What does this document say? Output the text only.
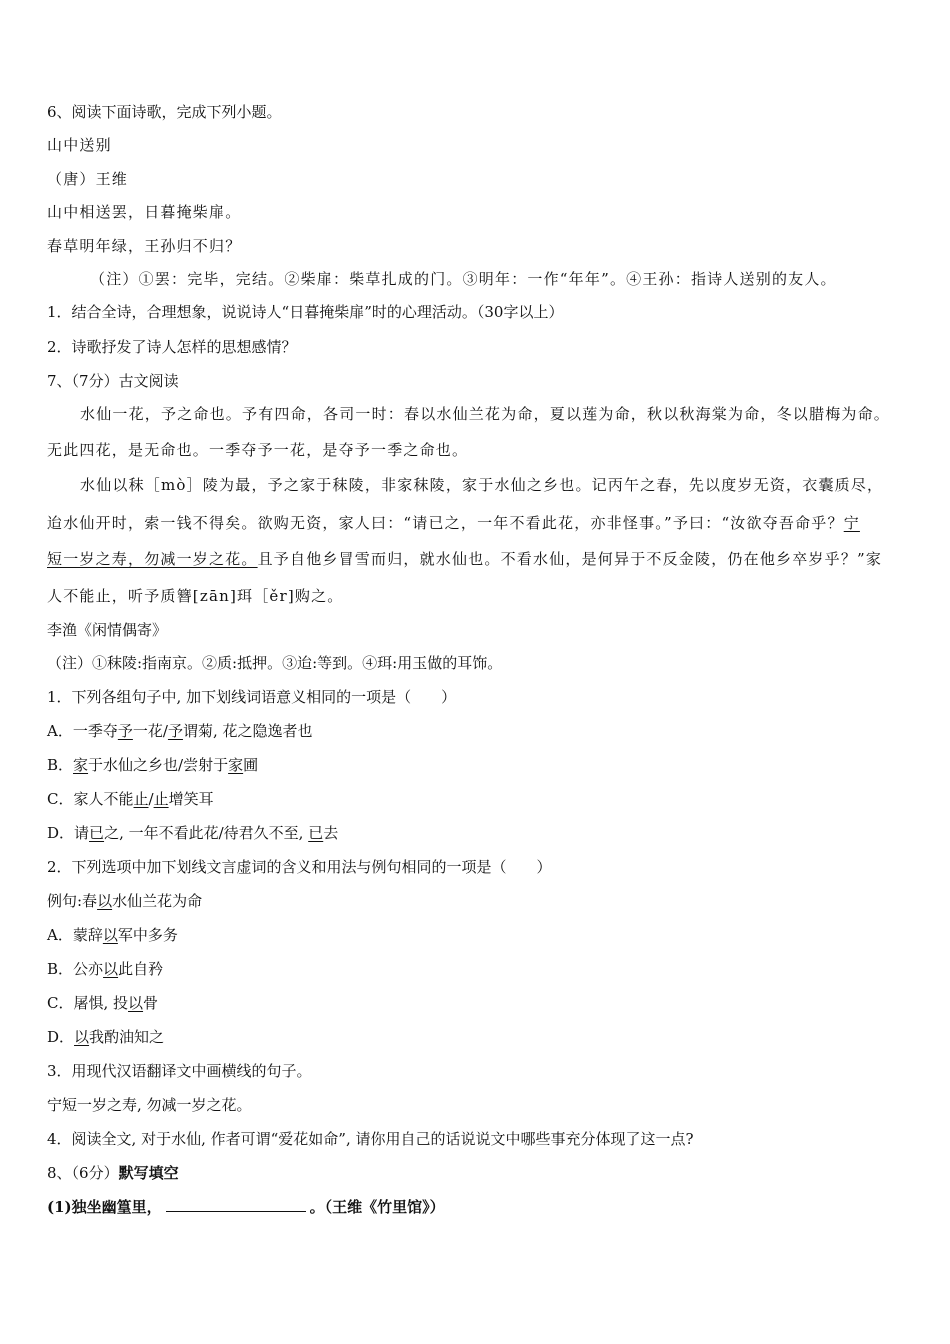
6、阅读下面诗歌，完成下列小题。
山中送别
（唐）王维
山中相送罢，日暮掩柴扉。
春草明年绿，王孙归不归？
（注）①罢：完毕，完结。②柴扉：柴草扎成的门。③明年：一作“年年”。④王孙：指诗人送别的友人。
1．结合全诗，合理想象，说说诗人“日暮掩柴扉”时的心理活动。（30字以上）
2．诗歌抒发了诗人怎样的思想感情？
7、（7分）古文阅读
水仙一花，予之命也。予有四命，各司一时：春以水仙兰花为命，夏以莲为命，秋以秋海棠为命，冬以腊梅为命。
无此四花，是无命也。一季夺予一花，是夺予一季之命也。
水仙以秣［mò］陵为最，予之家于秣陵，非家秣陵，家于水仙之乡也。记丙午之春，先以度岁无资，衣囊质尽，
迨水仙开时，索一钱不得矣。欲购无资，家人曰：“请已之，一年不看此花，亦非怪事。”予曰：“汝欲夺吾命乎？宁
短一岁之寿，勿减一岁之花。且予自他乡冒雪而归，就水仙也。不看水仙，是何异于不反金陵，仍在他乡卒岁乎？”家
人不能止，听予质簪[zān]珥［ěr]购之。
李渔《闲情偶寄》
（注）①秣陵:指南京。②质:抵押。③迨:等到。④珥:用玉做的耳饰。
1．下列各组句子中, 加下划线词语意义相同的一项是（　　）
A．一季夺予一花/予谓菊, 花之隐逸者也
B．家于水仙之乡也/尝射于家圃
C．家人不能止/止增笑耳
D．请已之, 一年不看此花/待君久不至, 已去
2．下列选项中加下划线文言虚词的含义和用法与例句相同的一项是（　　）
例句:春以水仙兰花为命
A．蒙辞以军中多务
B．公亦以此自矜
C．屠惧, 投以骨
D．以我酌油知之
3．用现代汉语翻译文中画横线的句子。
宁短一岁之寿, 勿减一岁之花。
4．阅读全文, 对于水仙, 作者可谓“爱花如命”, 请你用自己的话说说文中哪些事充分体现了这一点?
8、（6分）默写填空
(1)独坐幽篁里，	。（王维《竹里馆》）
